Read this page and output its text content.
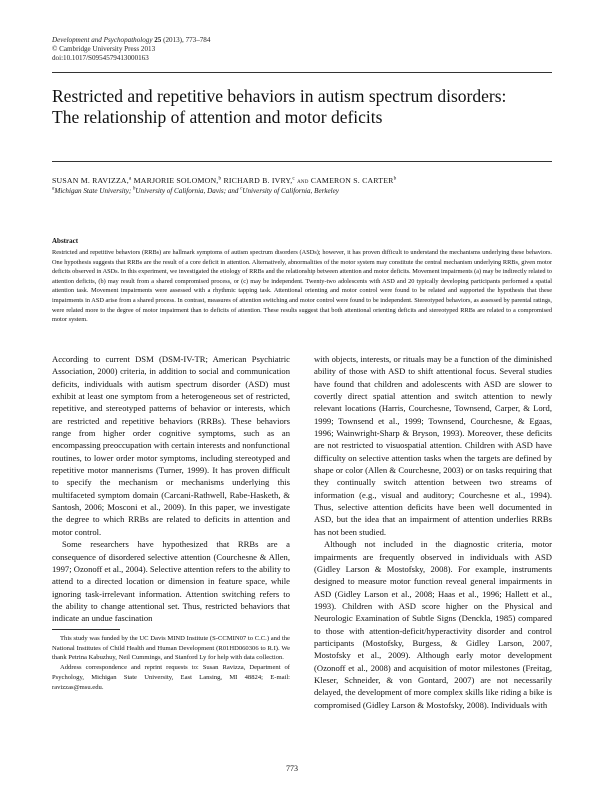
Development and Psychopathology 25 (2013), 773–784
© Cambridge University Press 2013
doi:10.1017/S0954579413000163
Restricted and repetitive behaviors in autism spectrum disorders:
The relationship of attention and motor deficits
SUSAN M. RAVIZZA,$^a$ MARJORIE SOLOMON,$^b$ RICHARD B. IVRY,$^c$ and CAMERON S. CARTER$^b$
$^a$Michigan State University; $^b$University of California, Davis; and $^c$University of California, Berkeley
Abstract

Restricted and repetitive behaviors (RRBs) are hallmark symptoms of autism spectrum disorders (ASDs); however, it has proven difficult to understand the mechanisms underlying these behaviors. One hypothesis suggests that RRBs are the result of a core deficit in attention. Alternatively, abnormalities of the motor system may constitute the central mechanism underlying RRBs, given motor deficits observed in ASDs. In this experiment, we investigated the etiology of RRBs and the relationship between attention and motor deficits. Movement impairments (a) may be indirectly related to attention deficits, (b) may result from a shared compromised process, or (c) may be independent. Twenty-two adolescents with ASD and 20 typically developing participants performed a spatial attention task. Movement impairments were assessed with a rhythmic tapping task. Attentional orienting and motor control were found to be related and supported the hypothesis that these impairments in ASD arise from a shared process. In contrast, measures of attention switching and motor control were found to be independent. Stereotyped behaviors, as assessed by parental ratings, were related more to the degree of motor impairment than to deficits of attention. These results suggest that both attentional orienting deficits and stereotyped RRBs are related to a compromised motor system.

According to current DSM (DSM-IV-TR; American Psychiatric Association, 2000) criteria, in addition to social and communication deficits, individuals with autism spectrum disorder (ASD) must exhibit at least one symptom from a heterogeneous set of restricted, repetitive, and stereotyped patterns of behavior or interests, which are restricted and repetitive behaviors (RRBs). These behaviors range from higher order cognitive symptoms, such as an encompassing preoccupation with certain interests and nonfunctional routines, to lower order motor symptoms, including stereotyped and repetitive motor mannerisms (Turner, 1999). It has proven difficult to specify the mechanism or mechanisms underlying this multifaceted symptom domain (Carcani-Rathwell, Rabe-Hasketh, & Santosh, 2006; Mosconi et al., 2009). In this paper, we investigate the degree to which RRBs are related to deficits in attention and motor control.

Some researchers have hypothesized that RRBs are a consequence of disordered selective attention (Courchesne & Allen, 1997; Ozonoff et al., 2004). Selective attention refers to the ability to attend to a directed location or dimension in feature space, while ignoring task-irrelevant information. Attention switching refers to the ability to change attentional set. Thus, restricted behaviors that indicate an undue fascination

with objects, interests, or rituals may be a function of the diminished ability of those with ASD to shift attentional focus. Several studies have found that children and adolescents with ASD are slower to covertly direct spatial attention and switch attention to newly relevant locations (Harris, Courchesne, Townsend, Carper, & Lord, 1999; Townsend et al., 1999; Townsend, Courchesne, & Egaas, 1996; Wainwright-Sharp & Bryson, 1993). Moreover, these deficits are not restricted to visuospatial attention. Children with ASD have difficulty on selective attention tasks when the targets are defined by shape or color (Allen & Courchesne, 2003) or on tasks requiring that they continually switch attention between two streams of information (e.g., visual and auditory; Courchesne et al., 1994). Thus, selective attention deficits have been well documented in ASD, but the idea that an impairment of attention underlies RRBs has not been studied.

Although not included in the diagnostic criteria, motor impairments are frequently observed in individuals with ASD (Gidley Larson & Mostofsky, 2008). For example, instruments designed to measure motor function reveal general impairments in ASD (Gidley Larson et al., 2008; Haas et al., 1996; Hallett et al., 1993). Children with ASD score higher on the Physical and Neurologic Examination of Subtle Signs (Denckla, 1985) compared to those with attention-deficit/hyperactivity disorder and control participants (Mostofsky, Burgess, & Gidley Larson, 2007, Mostofsky et al., 2009). Although early motor development (Ozonoff et al., 2008) and acquisition of motor milestones (Freitag, Kleser, Schneider, & von Gontard, 2007) are not necessarily delayed, the development of more complex skills like riding a bike is compromised (Gidley Larson & Mostofsky, 2008). Individuals with

This study was funded by the UC Davis MIND Institute (S-CCMIN07 to C.C.) and the National Institutes of Child Health and Human Development (R01HD060306 to R.I). We thank Petrina Kabuzhuy, Neil Cummings, and Stanford Ly for help with data collection.

Address correspondence and reprint requests to: Susan Ravizza, Department of Psychology, Michigan State University, East Lansing, MI 48824; E-mail: ravizzas@msu.edu.

773
